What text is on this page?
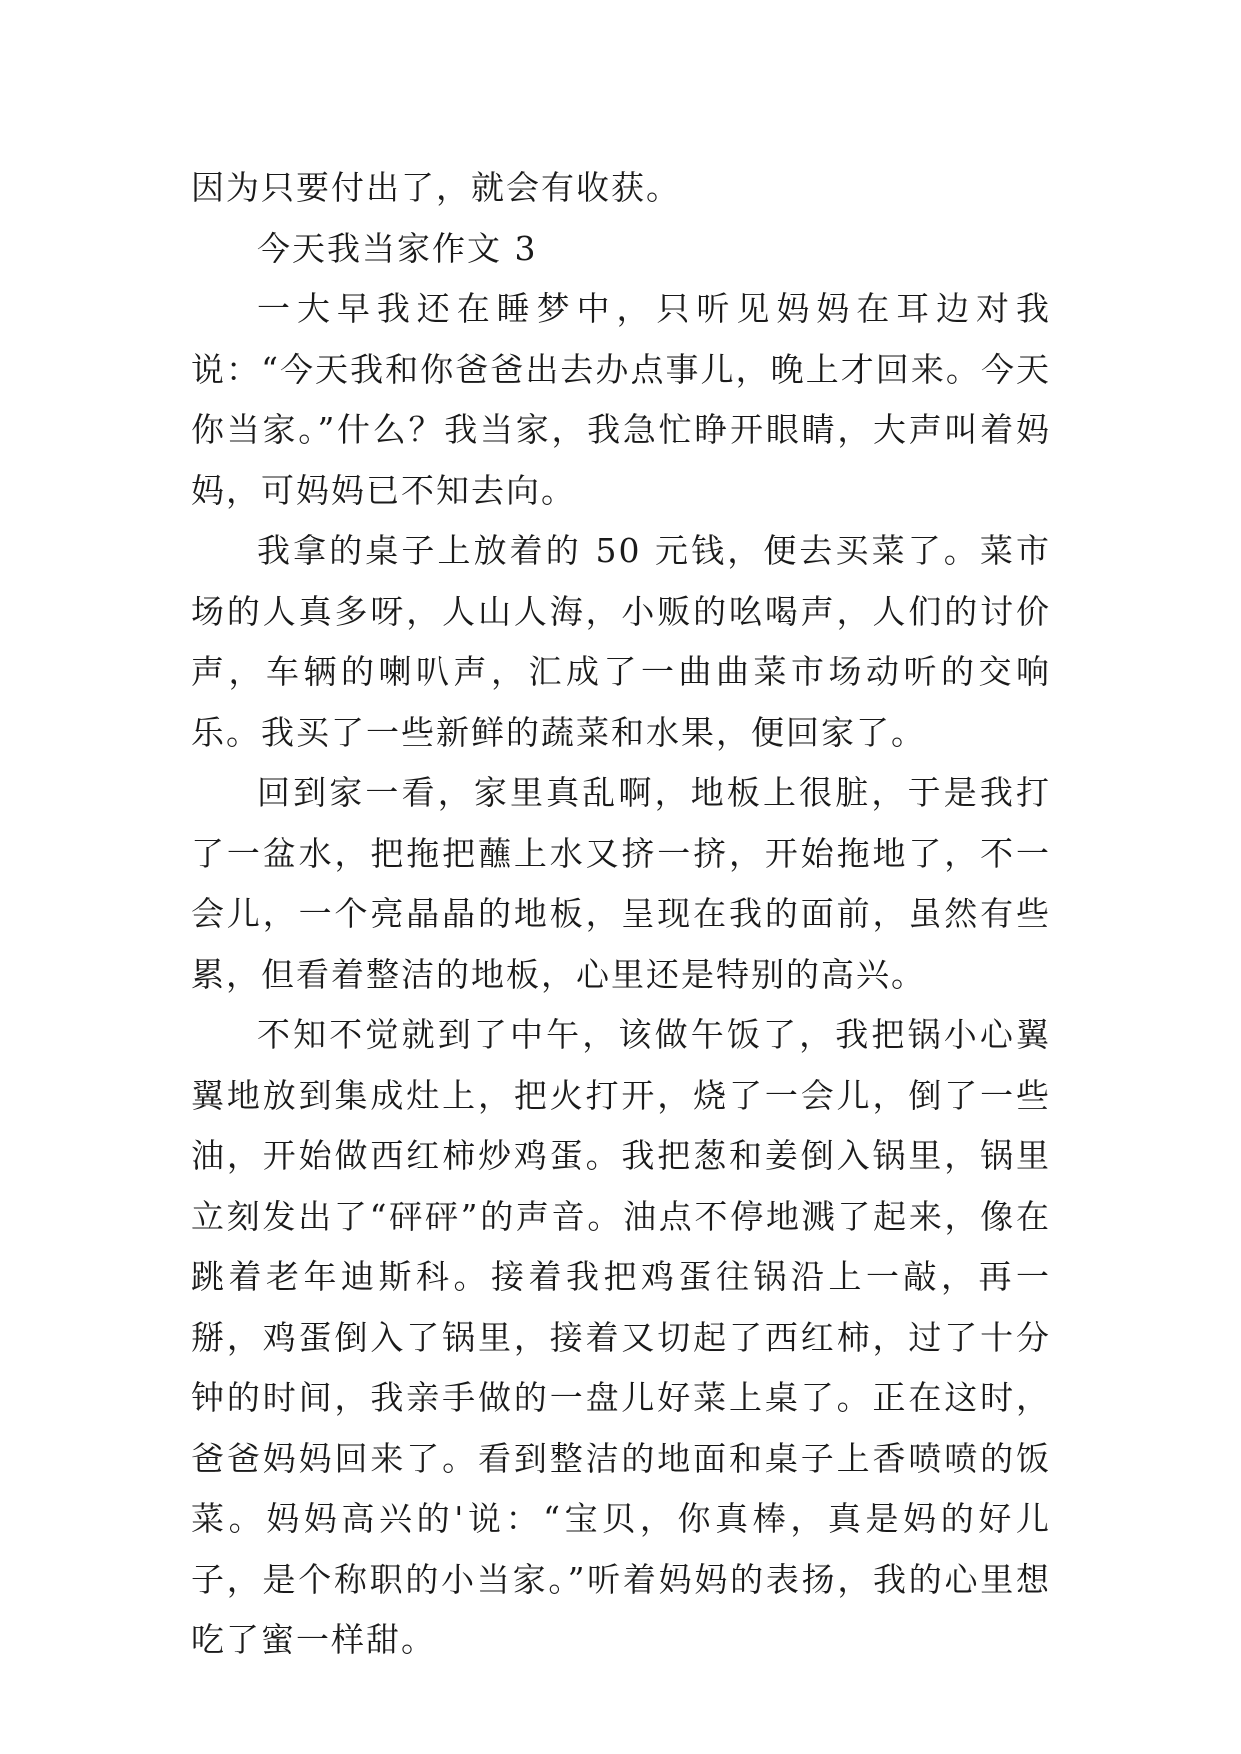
因为只要付出了，就会有收获。

今天我当家作文 3

一大早我还在睡梦中，只听见妈妈在耳边对我说：“今天我和你爸爸出去办点事儿，晚上才回来。今天你当家。”什么？我当家，我急忙睁开眼睛，大声叫着妈妈，可妈妈已不知去向。

我拿的桌子上放着的 50 元钱，便去买菜了。菜市场的人真多呀，人山人海，小贩的吆喝声，人们的讨价声，车辆的喇叭声，汇成了一曲曲菜市场动听的交响乐。我买了一些新鲜的蔬菜和水果，便回家了。

回到家一看，家里真乱啊，地板上很脏，于是我打了一盆水，把拖把蘸上水又挤一挤，开始拖地了，不一会儿，一个亮晶晶的地板，呈现在我的面前，虽然有些累，但看着整洁的地板，心里还是特别的高兴。

不知不觉就到了中午，该做午饭了，我把锅小心翼翼地放到集成灶上，把火打开，烧了一会儿，倒了一些油，开始做西红柿炒鸡蛋。我把葱和姜倒入锅里，锅里立刻发出了“砰砰”的声音。油点不停地溅了起来，像在跳着老年迪斯科。接着我把鸡蛋往锅沿上一敲，再一掰，鸡蛋倒入了锅里，接着又切起了西红柿，过了十分钟的时间，我亲手做的一盘儿好菜上桌了。正在这时，爸爸妈妈回来了。看到整洁的地面和桌子上香喷喷的饭菜。妈妈高兴的'说：“宝贝，你真棒，真是妈的好儿子，是个称职的小当家。”听着妈妈的表扬，我的心里想吃了蜜一样甜。
